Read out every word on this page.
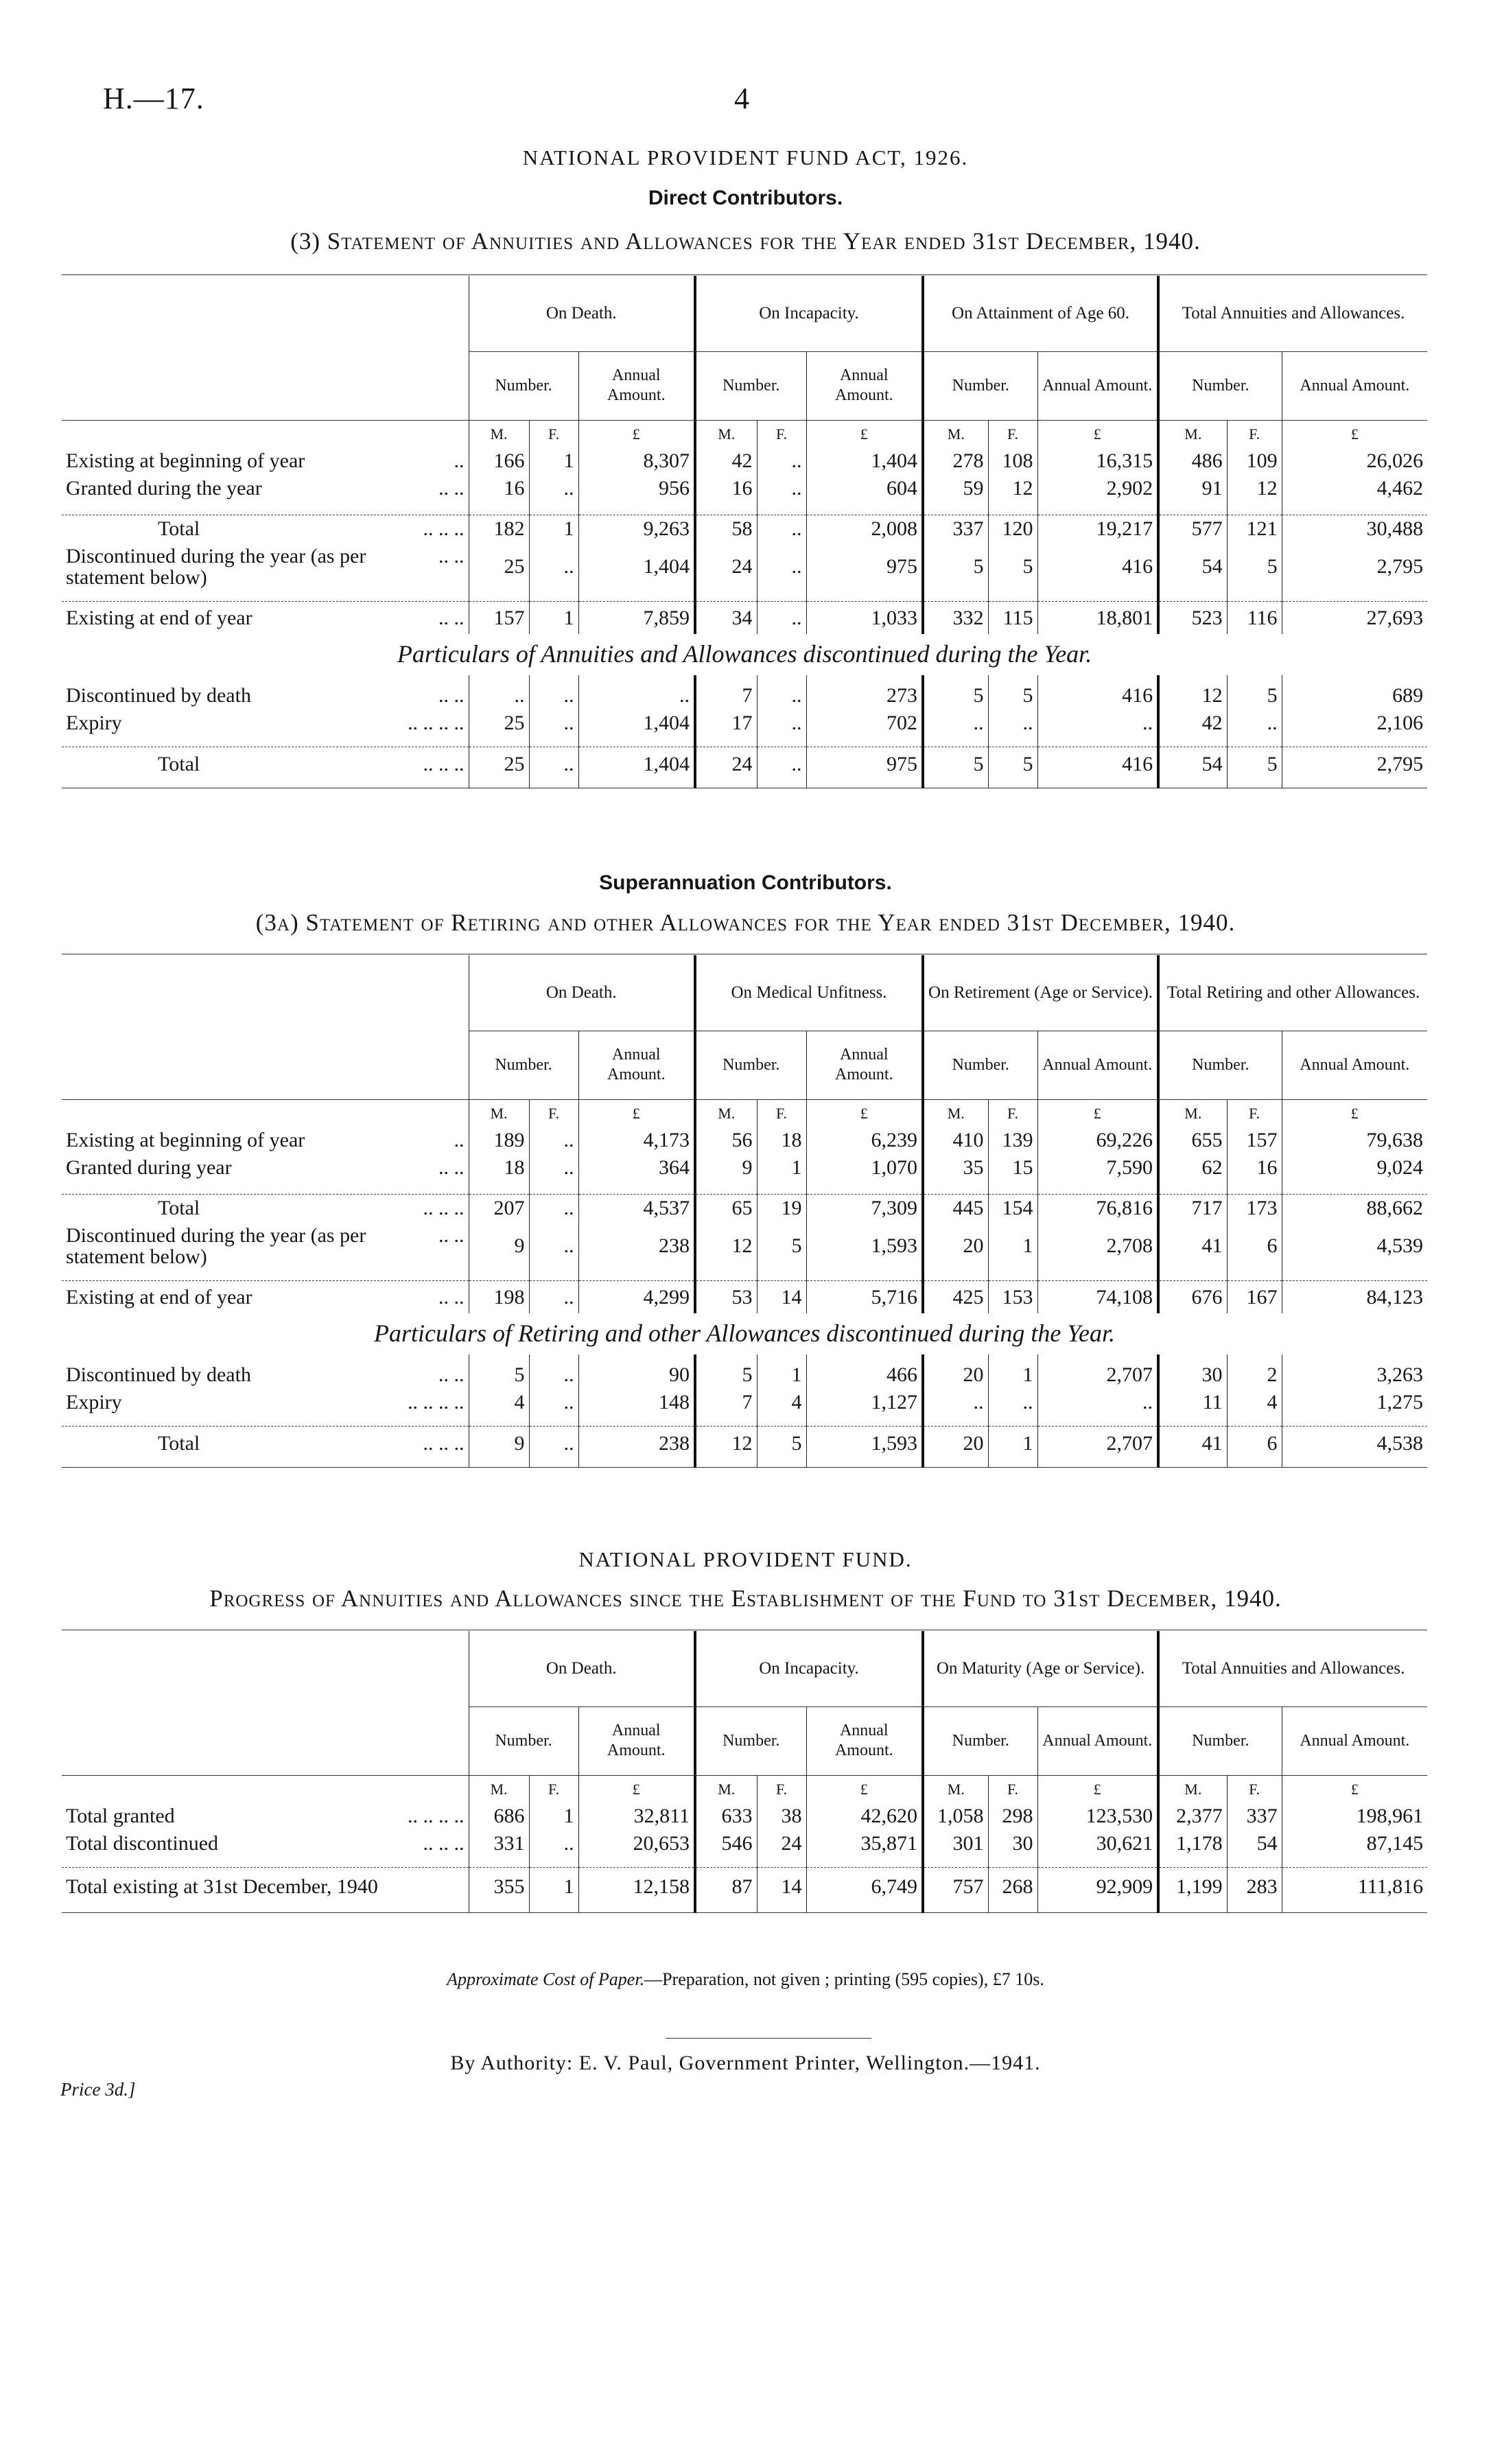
H.—17.	4
NATIONAL PROVIDENT FUND ACT, 1926.
Direct Contributors.
(3) Statement of Annuities and Allowances for the Year ended 31st December, 1940.
	On Death.			On Incapacity.			On Attainment of Age 60.			Total Annuities and Allowances.		
	Number.		Annual Amount.	Number.		Annual Amount.	Number.		Annual Amount.	Number.		Annual Amount.
	M.	F.	£	M.	F.	£	M.	F.	£	M.	F.	£
Existing at beginning of year ..	166	1	8,307	42	..	1,404	278	108	16,315	486	109	26,026
Granted during the year .. ..	16	..	956	16	..	604	59	12	2,902	91	12	4,462

Total .. .. ..	182	1	9,263	58	..	2,008	337	120	19,217	577	121	30,488
Discontinued during the year (as per .. ..

statement below)	25	..	1,404	24	..	975	5	5	416	54	5	2,795

Existing at end of year .. ..	157	1	7,859	34	..	1,033	332	115	18,801	523	116	27,693
Particulars of Annuities and Allowances discontinued during the Year.												

Discontinued by death .. ..	..	..	..	7	..	273	5	5	416	12	5	689
Expiry .. .. .. ..	25	..	1,404	17	..	702	..	..	..	42	..	2,106

Total .. .. ..	25	..	1,404	24	..	975	5	5	416	54	5	2,795

Superannuation Contributors.
(3a) Statement of Retiring and other Allowances for the Year ended 31st December, 1940.
	On Death.			On Medical Unfitness.			On Retirement (Age or Service).			Total Retiring and other Allowances.		
	Number.		Annual Amount.	Number.		Annual Amount.	Number.		Annual Amount.	Number.		Annual Amount.
	M.	F.	£	M.	F.	£	M.	F.	£	M.	F.	£
Existing at beginning of year ..	189	..	4,173	56	18	6,239	410	139	69,226	655	157	79,638
Granted during year .. ..	18	..	364	9	1	1,070	35	15	7,590	62	16	9,024

Total .. .. ..	207	..	4,537	65	19	7,309	445	154	76,816	717	173	88,662
Discontinued during the year (as per .. ..

statement below)	9	..	238	12	5	1,593	20	1	2,708	41	6	4,539

Existing at end of year .. ..	198	..	4,299	53	14	5,716	425	153	74,108	676	167	84,123
Particulars of Retiring and other Allowances discontinued during the Year.												

Discontinued by death .. ..	5	..	90	5	1	466	20	1	2,707	30	2	3,263
Expiry .. .. .. ..	4	..	148	7	4	1,127	..	..	..	11	4	1,275

Total .. .. ..	9	..	238	12	5	1,593	20	1	2,707	41	6	4,538

NATIONAL PROVIDENT FUND.
Progress of Annuities and Allowances since the Establishment of the Fund to 31st December, 1940.
	On Death.			On Incapacity.			On Maturity (Age or Service).			Total Annuities and Allowances.		
	Number.		Annual Amount.	Number.		Annual Amount.	Number.		Annual Amount.	Number.		Annual Amount.
	M.	F.	£	M.	F.	£	M.	F.	£	M.	F.	£
Total granted .. .. .. ..	686	1	32,811	633	38	42,620	1,058	298	123,530	2,377	337	198,961
Total discontinued .. .. ..	331	..	20,653	546	24	35,871	301	30	30,621	1,178	54	87,145

Total existing at 31st December, 1940	355	1	12,158	87	14	6,749	757	268	92,909	1,199	283	111,816

Approximate Cost of Paper.—Preparation, not given ; printing (595 copies), £7 10s.
By Authority: E. V. Paul, Government Printer, Wellington.—1941.
Price 3d.]
